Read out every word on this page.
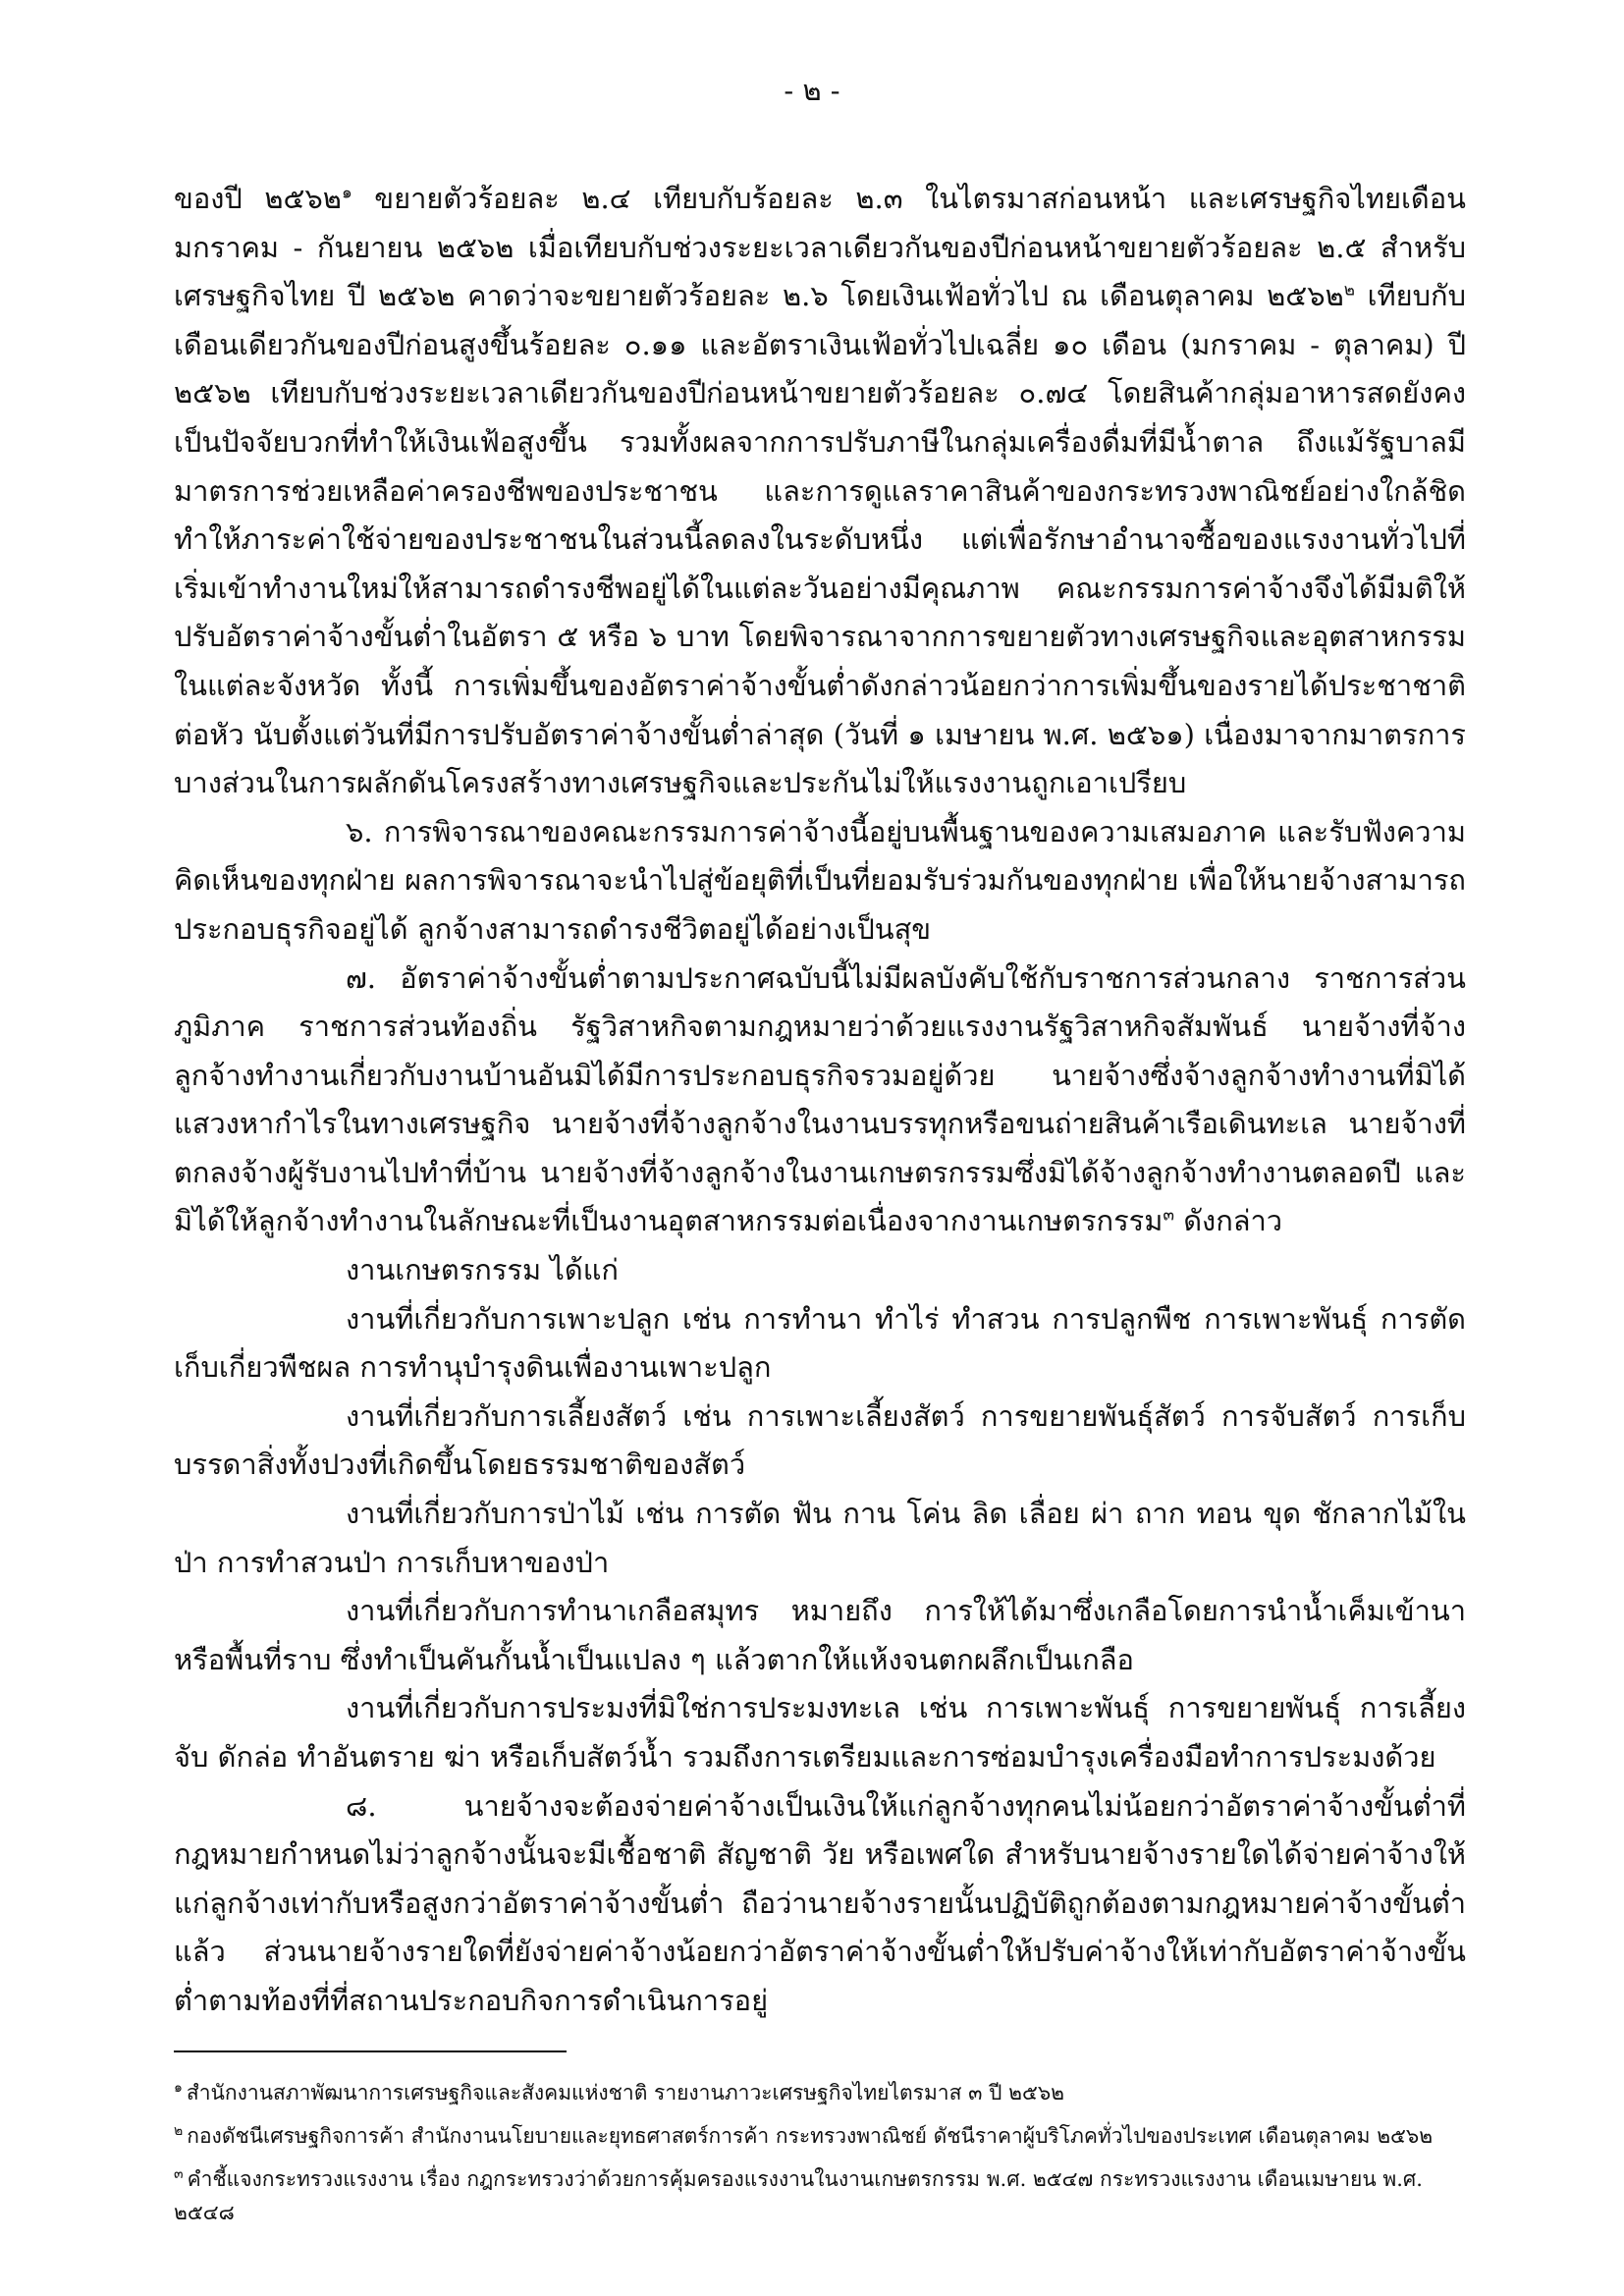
- ๒ -

ของปี ๒๕๖๒$^๑$ ขยายตัวร้อยละ ๒.๔ เทียบกับร้อยละ ๒.๓ ในไตรมาสก่อนหน้า และเศรษฐกิจไทยเดือนมกราคม - กันยายน ๒๕๖๒ เมื่อเทียบกับช่วงระยะเวลาเดียวกันของปีก่อนหน้าขยายตัวร้อยละ ๒.๕ สำหรับเศรษฐกิจไทย ปี ๒๕๖๒ คาดว่าจะขยายตัวร้อยละ ๒.๖ โดยเงินเฟ้อทั่วไป ณ เดือนตุลาคม ๒๕๖๒$^๒$ เทียบกับเดือนเดียวกันของปีก่อนสูงขึ้นร้อยละ ๐.๑๑ และอัตราเงินเฟ้อทั่วไปเฉลี่ย ๑๐ เดือน (มกราคม - ตุลาคม) ปี ๒๕๖๒ เทียบกับช่วงระยะเวลาเดียวกันของปีก่อนหน้าขยายตัวร้อยละ ๐.๗๔ โดยสินค้ากลุ่มอาหารสดยังคงเป็นปัจจัยบวกที่ทำให้เงินเฟ้อสูงขึ้น รวมทั้งผลจากการปรับภาษีในกลุ่มเครื่องดื่มที่มีน้ำตาล ถึงแม้รัฐบาลมีมาตรการช่วยเหลือค่าครองชีพของประชาชน และการดูแลราคาสินค้าของกระทรวงพาณิชย์อย่างใกล้ชิด ทำให้ภาระค่าใช้จ่ายของประชาชนในส่วนนี้ลดลงในระดับหนึ่ง แต่เพื่อรักษาอำนาจซื้อของแรงงานทั่วไปที่เริ่มเข้าทำงานใหม่ให้สามารถดำรงชีพอยู่ได้ในแต่ละวันอย่างมีคุณภาพ คณะกรรมการค่าจ้างจึงได้มีมติให้ปรับอัตราค่าจ้างขั้นต่ำในอัตรา ๕ หรือ ๖ บาท โดยพิจารณาจากการขยายตัวทางเศรษฐกิจและอุตสาหกรรมในแต่ละจังหวัด ทั้งนี้ การเพิ่มขึ้นของอัตราค่าจ้างขั้นต่ำดังกล่าวน้อยกว่าการเพิ่มขึ้นของรายได้ประชาชาติต่อหัว นับตั้งแต่วันที่มีการปรับอัตราค่าจ้างขั้นต่ำล่าสุด (วันที่ ๑ เมษายน พ.ศ. ๒๕๖๑) เนื่องมาจากมาตรการบางส่วนในการผลักดันโครงสร้างทางเศรษฐกิจและประกันไม่ให้แรงงานถูกเอาเปรียบ

๖. การพิจารณาของคณะกรรมการค่าจ้างนี้อยู่บนพื้นฐานของความเสมอภาค และรับฟังความคิดเห็นของทุกฝ่าย ผลการพิจารณาจะนำไปสู่ข้อยุติที่เป็นที่ยอมรับร่วมกันของทุกฝ่าย เพื่อให้นายจ้างสามารถประกอบธุรกิจอยู่ได้ ลูกจ้างสามารถดำรงชีวิตอยู่ได้อย่างเป็นสุข

๗. อัตราค่าจ้างขั้นต่ำตามประกาศฉบับนี้ไม่มีผลบังคับใช้กับราชการส่วนกลาง ราชการส่วนภูมิภาค ราชการส่วนท้องถิ่น รัฐวิสาหกิจตามกฎหมายว่าด้วยแรงงานรัฐวิสาหกิจสัมพันธ์ นายจ้างที่จ้างลูกจ้างทำงานเกี่ยวกับงานบ้านอันมิได้มีการประกอบธุรกิจรวมอยู่ด้วย นายจ้างซึ่งจ้างลูกจ้างทำงานที่มิได้แสวงหากำไรในทางเศรษฐกิจ นายจ้างที่จ้างลูกจ้างในงานบรรทุกหรือขนถ่ายสินค้าเรือเดินทะเล นายจ้างที่ตกลงจ้างผู้รับงานไปทำที่บ้าน นายจ้างที่จ้างลูกจ้างในงานเกษตรกรรมซึ่งมิได้จ้างลูกจ้างทำงานตลอดปี และมิได้ให้ลูกจ้างทำงานในลักษณะที่เป็นงานอุตสาหกรรมต่อเนื่องจากงานเกษตรกรรม$^๓$ ดังกล่าว

งานเกษตรกรรม ได้แก่

งานที่เกี่ยวกับการเพาะปลูก เช่น การทำนา ทำไร่ ทำสวน การปลูกพืช การเพาะพันธุ์ การตัดเก็บเกี่ยวพืชผล การทำนุบำรุงดินเพื่องานเพาะปลูก

งานที่เกี่ยวกับการเลี้ยงสัตว์ เช่น การเพาะเลี้ยงสัตว์ การขยายพันธุ์สัตว์ การจับสัตว์ การเก็บบรรดาสิ่งทั้งปวงที่เกิดขึ้นโดยธรรมชาติของสัตว์

งานที่เกี่ยวกับการป่าไม้ เช่น การตัด ฟัน กาน โค่น ลิด เลื่อย ผ่า ถาก ทอน ขุด ชักลากไม้ในป่า การทำสวนป่า การเก็บหาของป่า

งานที่เกี่ยวกับการทำนาเกลือสมุทร หมายถึง การให้ได้มาซึ่งเกลือโดยการนำน้ำเค็มเข้านา หรือพื้นที่ราบ ซึ่งทำเป็นคันกั้นน้ำเป็นแปลง ๆ แล้วตากให้แห้งจนตกผลึกเป็นเกลือ

งานที่เกี่ยวกับการประมงที่มิใช่การประมงทะเล เช่น การเพาะพันธุ์ การขยายพันธุ์ การเลี้ยง จับ ดักล่อ ทำอันตราย ฆ่า หรือเก็บสัตว์น้ำ รวมถึงการเตรียมและการซ่อมบำรุงเครื่องมือทำการประมงด้วย

๘. นายจ้างจะต้องจ่ายค่าจ้างเป็นเงินให้แก่ลูกจ้างทุกคนไม่น้อยกว่าอัตราค่าจ้างขั้นต่ำที่กฎหมายกำหนดไม่ว่าลูกจ้างนั้นจะมีเชื้อชาติ สัญชาติ วัย หรือเพศใด สำหรับนายจ้างรายใดได้จ่ายค่าจ้างให้แก่ลูกจ้างเท่ากับหรือสูงกว่าอัตราค่าจ้างขั้นต่ำ ถือว่านายจ้างรายนั้นปฏิบัติถูกต้องตามกฎหมายค่าจ้างขั้นต่ำแล้ว ส่วนนายจ้างรายใดที่ยังจ่ายค่าจ้างน้อยกว่าอัตราค่าจ้างขั้นต่ำให้ปรับค่าจ้างให้เท่ากับอัตราค่าจ้างขั้นต่ำตามท้องที่ที่สถานประกอบกิจการดำเนินการอยู่

$^๑$ สำนักงานสภาพัฒนาการเศรษฐกิจและสังคมแห่งชาติ รายงานภาวะเศรษฐกิจไทยไตรมาส ๓ ปี ๒๕๖๒

$^๒$ กองดัชนีเศรษฐกิจการค้า สำนักงานนโยบายและยุทธศาสตร์การค้า กระทรวงพาณิชย์ ดัชนีราคาผู้บริโภคทั่วไปของประเทศ เดือนตุลาคม ๒๕๖๒

$^๓$ คำชี้แจงกระทรวงแรงงาน เรื่อง กฎกระทรวงว่าด้วยการคุ้มครองแรงงานในงานเกษตรกรรม พ.ศ. ๒๕๔๗ กระทรวงแรงงาน เดือนเมษายน พ.ศ. ๒๕๔๘
